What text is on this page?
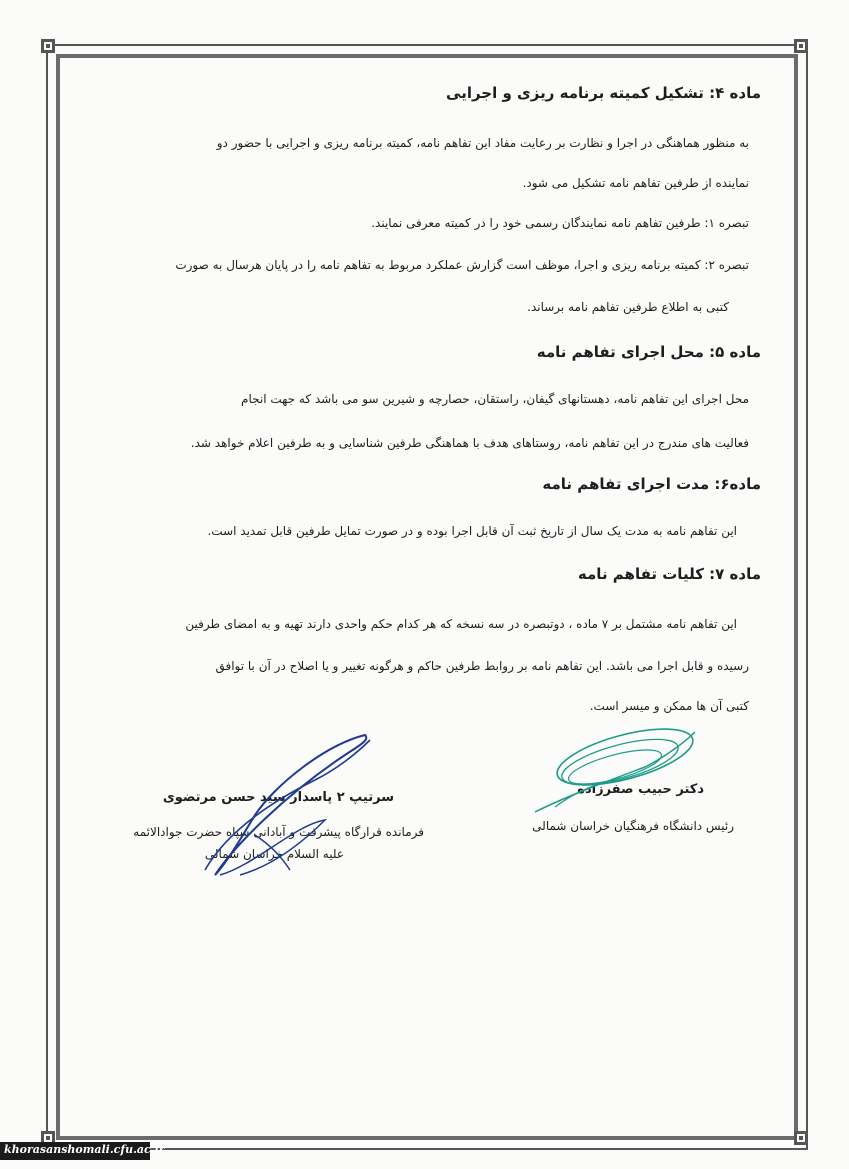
ماده ۴: تشکیل کمیته برنامه ریزی و اجرایی
به منظور هماهنگی در اجرا و نظارت بر رعایت مفاد این تفاهم نامه، کمیته برنامه ریزی و اجرایی با حضور دو
نماینده از طرفین تفاهم نامه تشکیل می شود.
تبصره ۱: طرفین تفاهم نامه نمایندگان رسمی خود را در کمیته معرفی نمایند.
تبصره ۲: کمیته برنامه ریزی و اجرا، موظف است گزارش عملکرد مربوط به تفاهم نامه را در پایان هرسال به صورت
کتبی به اطلاع طرفین تفاهم نامه برساند.
ماده ۵: محل اجرای تفاهم نامه
محل اجرای این تفاهم نامه، دهستانهای گیفان، راستقان، حصارچه و شیرین سو می باشد که جهت انجام
فعالیت های مندرج در این تفاهم نامه، روستاهای هدف با هماهنگی طرفین شناسایی و به طرفین اعلام خواهد شد.
ماده۶: مدت اجرای تفاهم نامه
این تفاهم نامه به مدت یک سال از تاریخ ثبت آن قابل اجرا بوده و در صورت تمایل طرفین قابل تمدید است.
ماده ۷: کلیات تفاهم نامه
این تفاهم نامه مشتمل بر ۷ ماده ، دوتبصره در سه نسخه که هر کدام حکم واحدی دارند تهیه و به امضای طرفین
رسیده و قابل اجرا می باشد. این تفاهم نامه بر روابط طرفین حاکم و هرگونه تغییر و یا اصلاح در آن با توافق
کتبی آن ها ممکن و میسر است.
دکتر حبیب صفرزاده
رئیس دانشگاه فرهنگیان خراسان شمالی
سرتیپ ۲ پاسدار سید حسن مرتضوی
فرمانده قرارگاه پیشرفت و آبادانی سپاه حضرت جوادالائمه
علیه السلام خراسان شمالی
khorasanshomali.cfu.ac.ir
